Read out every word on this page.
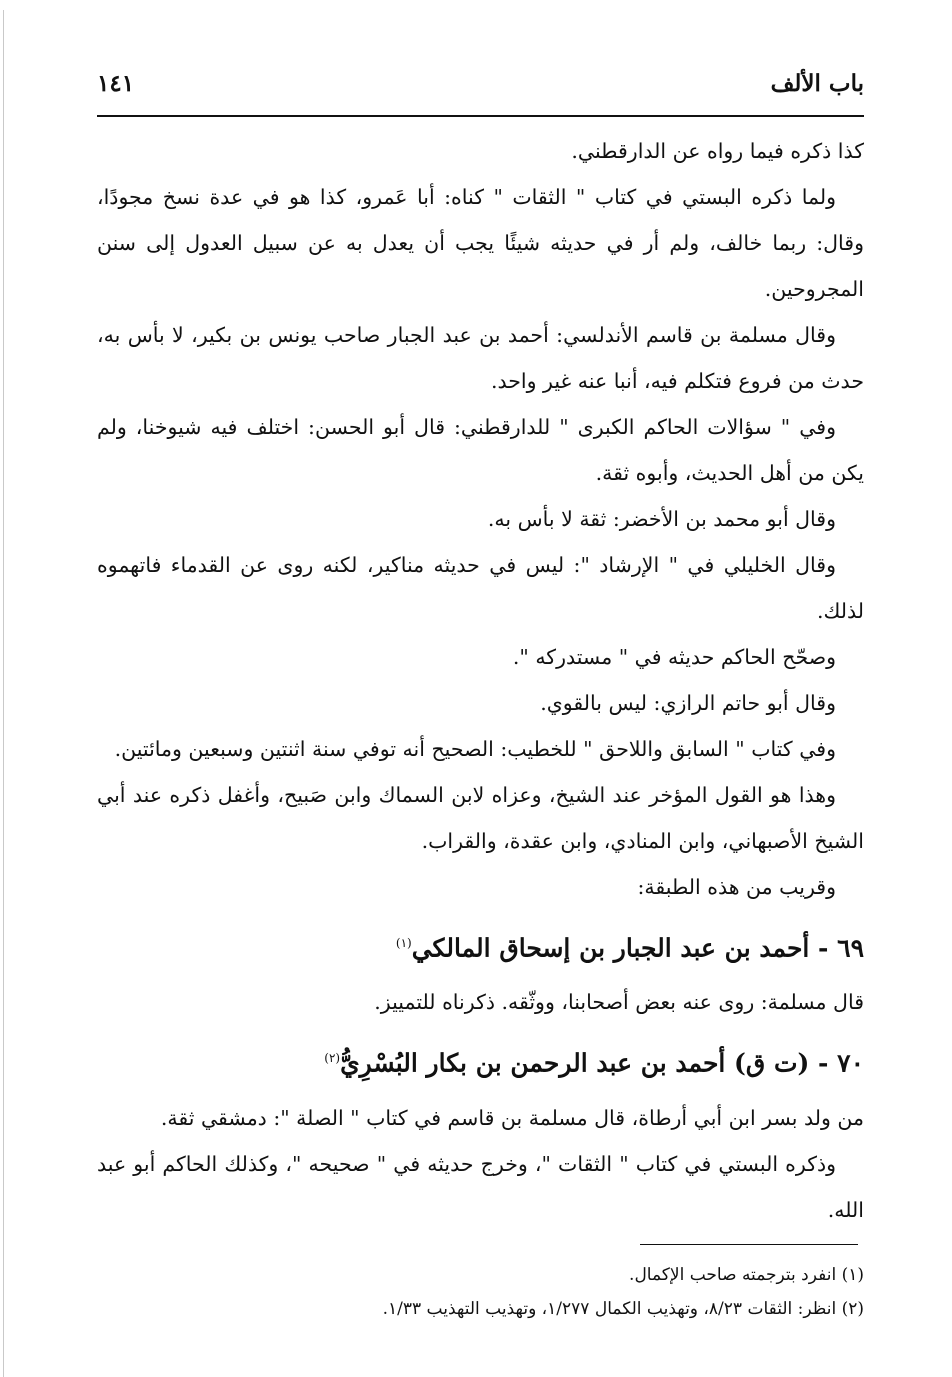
باب الألف
١٤١

كذا ذكره فيما رواه عن الدارقطني.

ولما ذكره البستي في كتاب " الثقات " كناه: أبا عَمرو، كذا هو في عدة نسخ مجودًا، وقال: ربما خالف، ولم أر في حديثه شيئًا يجب أن يعدل به عن سبيل العدول إلى سنن المجروحين.

وقال مسلمة بن قاسم الأندلسي: أحمد بن عبد الجبار صاحب يونس بن بكير، لا بأس به، حدث من فروع فتكلم فيه، أنبا عنه غير واحد.

وفي " سؤالات الحاكم الكبرى " للدارقطني: قال أبو الحسن: اختلف فيه شيوخنا، ولم يكن من أهل الحديث، وأبوه ثقة.

وقال أبو محمد بن الأخضر: ثقة لا بأس به.

وقال الخليلي في " الإرشاد ": ليس في حديثه مناكير، لكنه روى عن القدماء فاتهموه لذلك.

وصحّح الحاكم حديثه في " مستدركه ".

وقال أبو حاتم الرازي: ليس بالقوي.

وفي كتاب " السابق واللاحق " للخطيب: الصحيح أنه توفي سنة اثنتين وسبعين ومائتين.

وهذا هو القول المؤخر عند الشيخ، وعزاه لابن السماك وابن صَبيح، وأغفل ذكره عند أبي الشيخ الأصبهاني، وابن المنادي، وابن عقدة، والقراب.

وقريب من هذه الطبقة:

٦٩ - أحمد بن عبد الجبار بن إسحاق المالكي$^{(١)}$

قال مسلمة: روى عنه بعض أصحابنا، ووثّقه. ذكرناه للتمييز.

٧٠ - (ت ق) أحمد بن عبد الرحمن بن بكار البُسْرِيُّ$^{(٢)}$

من ولد بسر ابن أبي أرطاة، قال مسلمة بن قاسم في كتاب " الصلة ": دمشقي ثقة.

وذكره البستي في كتاب " الثقات "، وخرج حديثه في " صحيحه "، وكذلك الحاكم أبو عبد الله.

(١) انفرد بترجمته صاحب الإكمال.

(٢) انظر: الثقات ٨/٢٣، وتهذيب الكمال ١/٢٧٧، وتهذيب التهذيب ١/٣٣.
